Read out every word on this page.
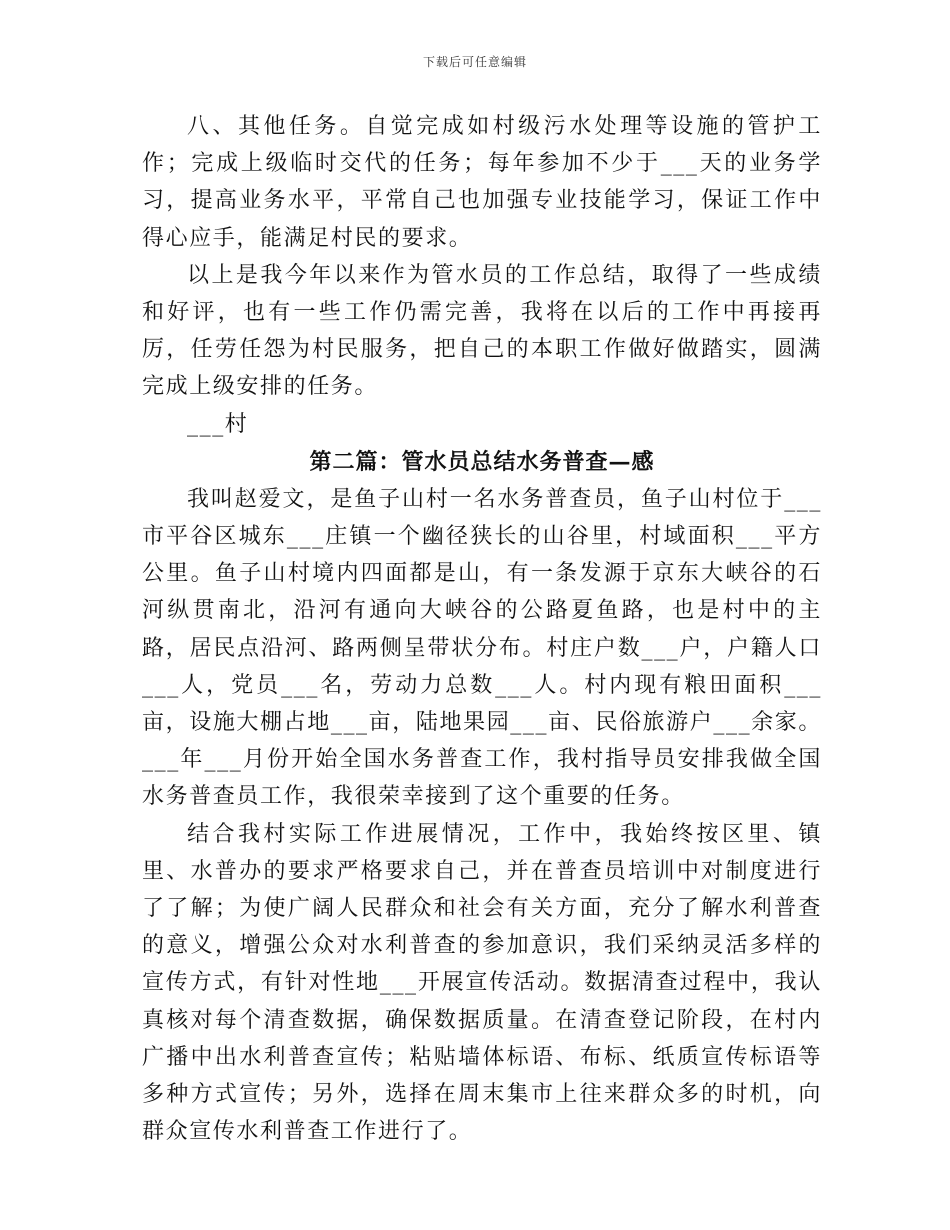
下载后可任意编辑

八、其他任务。自觉完成如村级污水处理等设施的管护工作；完成上级临时交代的任务；每年参加不少于___天的业务学习，提高业务水平，平常自己也加强专业技能学习，保证工作中得心应手，能满足村民的要求。

以上是我今年以来作为管水员的工作总结，取得了一些成绩和好评，也有一些工作仍需完善，我将在以后的工作中再接再厉，任劳任怨为村民服务，把自己的本职工作做好做踏实，圆满完成上级安排的任务。

___村

第二篇：管水员总结水务普查—感

我叫赵爱文，是鱼子山村一名水务普查员，鱼子山村位于___市平谷区城东___庄镇一个幽径狭长的山谷里，村域面积___平方公里。鱼子山村境内四面都是山，有一条发源于京东大峡谷的石河纵贯南北，沿河有通向大峡谷的公路夏鱼路，也是村中的主路，居民点沿河、路两侧呈带状分布。村庄户数___户，户籍人口___人，党员___名，劳动力总数___人。村内现有粮田面积___亩，设施大棚占地___亩，陆地果园___亩、民俗旅游户___余家。___年___月份开始全国水务普查工作，我村指导员安排我做全国水务普查员工作，我很荣幸接到了这个重要的任务。

结合我村实际工作进展情况，工作中，我始终按区里、镇里、水普办的要求严格要求自己，并在普查员培训中对制度进行了了解；为使广阔人民群众和社会有关方面，充分了解水利普查的意义，增强公众对水利普查的参加意识，我们采纳灵活多样的宣传方式，有针对性地___开展宣传活动。数据清查过程中，我认真核对每个清查数据，确保数据质量。在清查登记阶段，在村内广播中出水利普查宣传；粘贴墙体标语、布标、纸质宣传标语等多种方式宣传；另外，选择在周末集市上往来群众多的时机，向群众宣传水利普查工作进行了。
